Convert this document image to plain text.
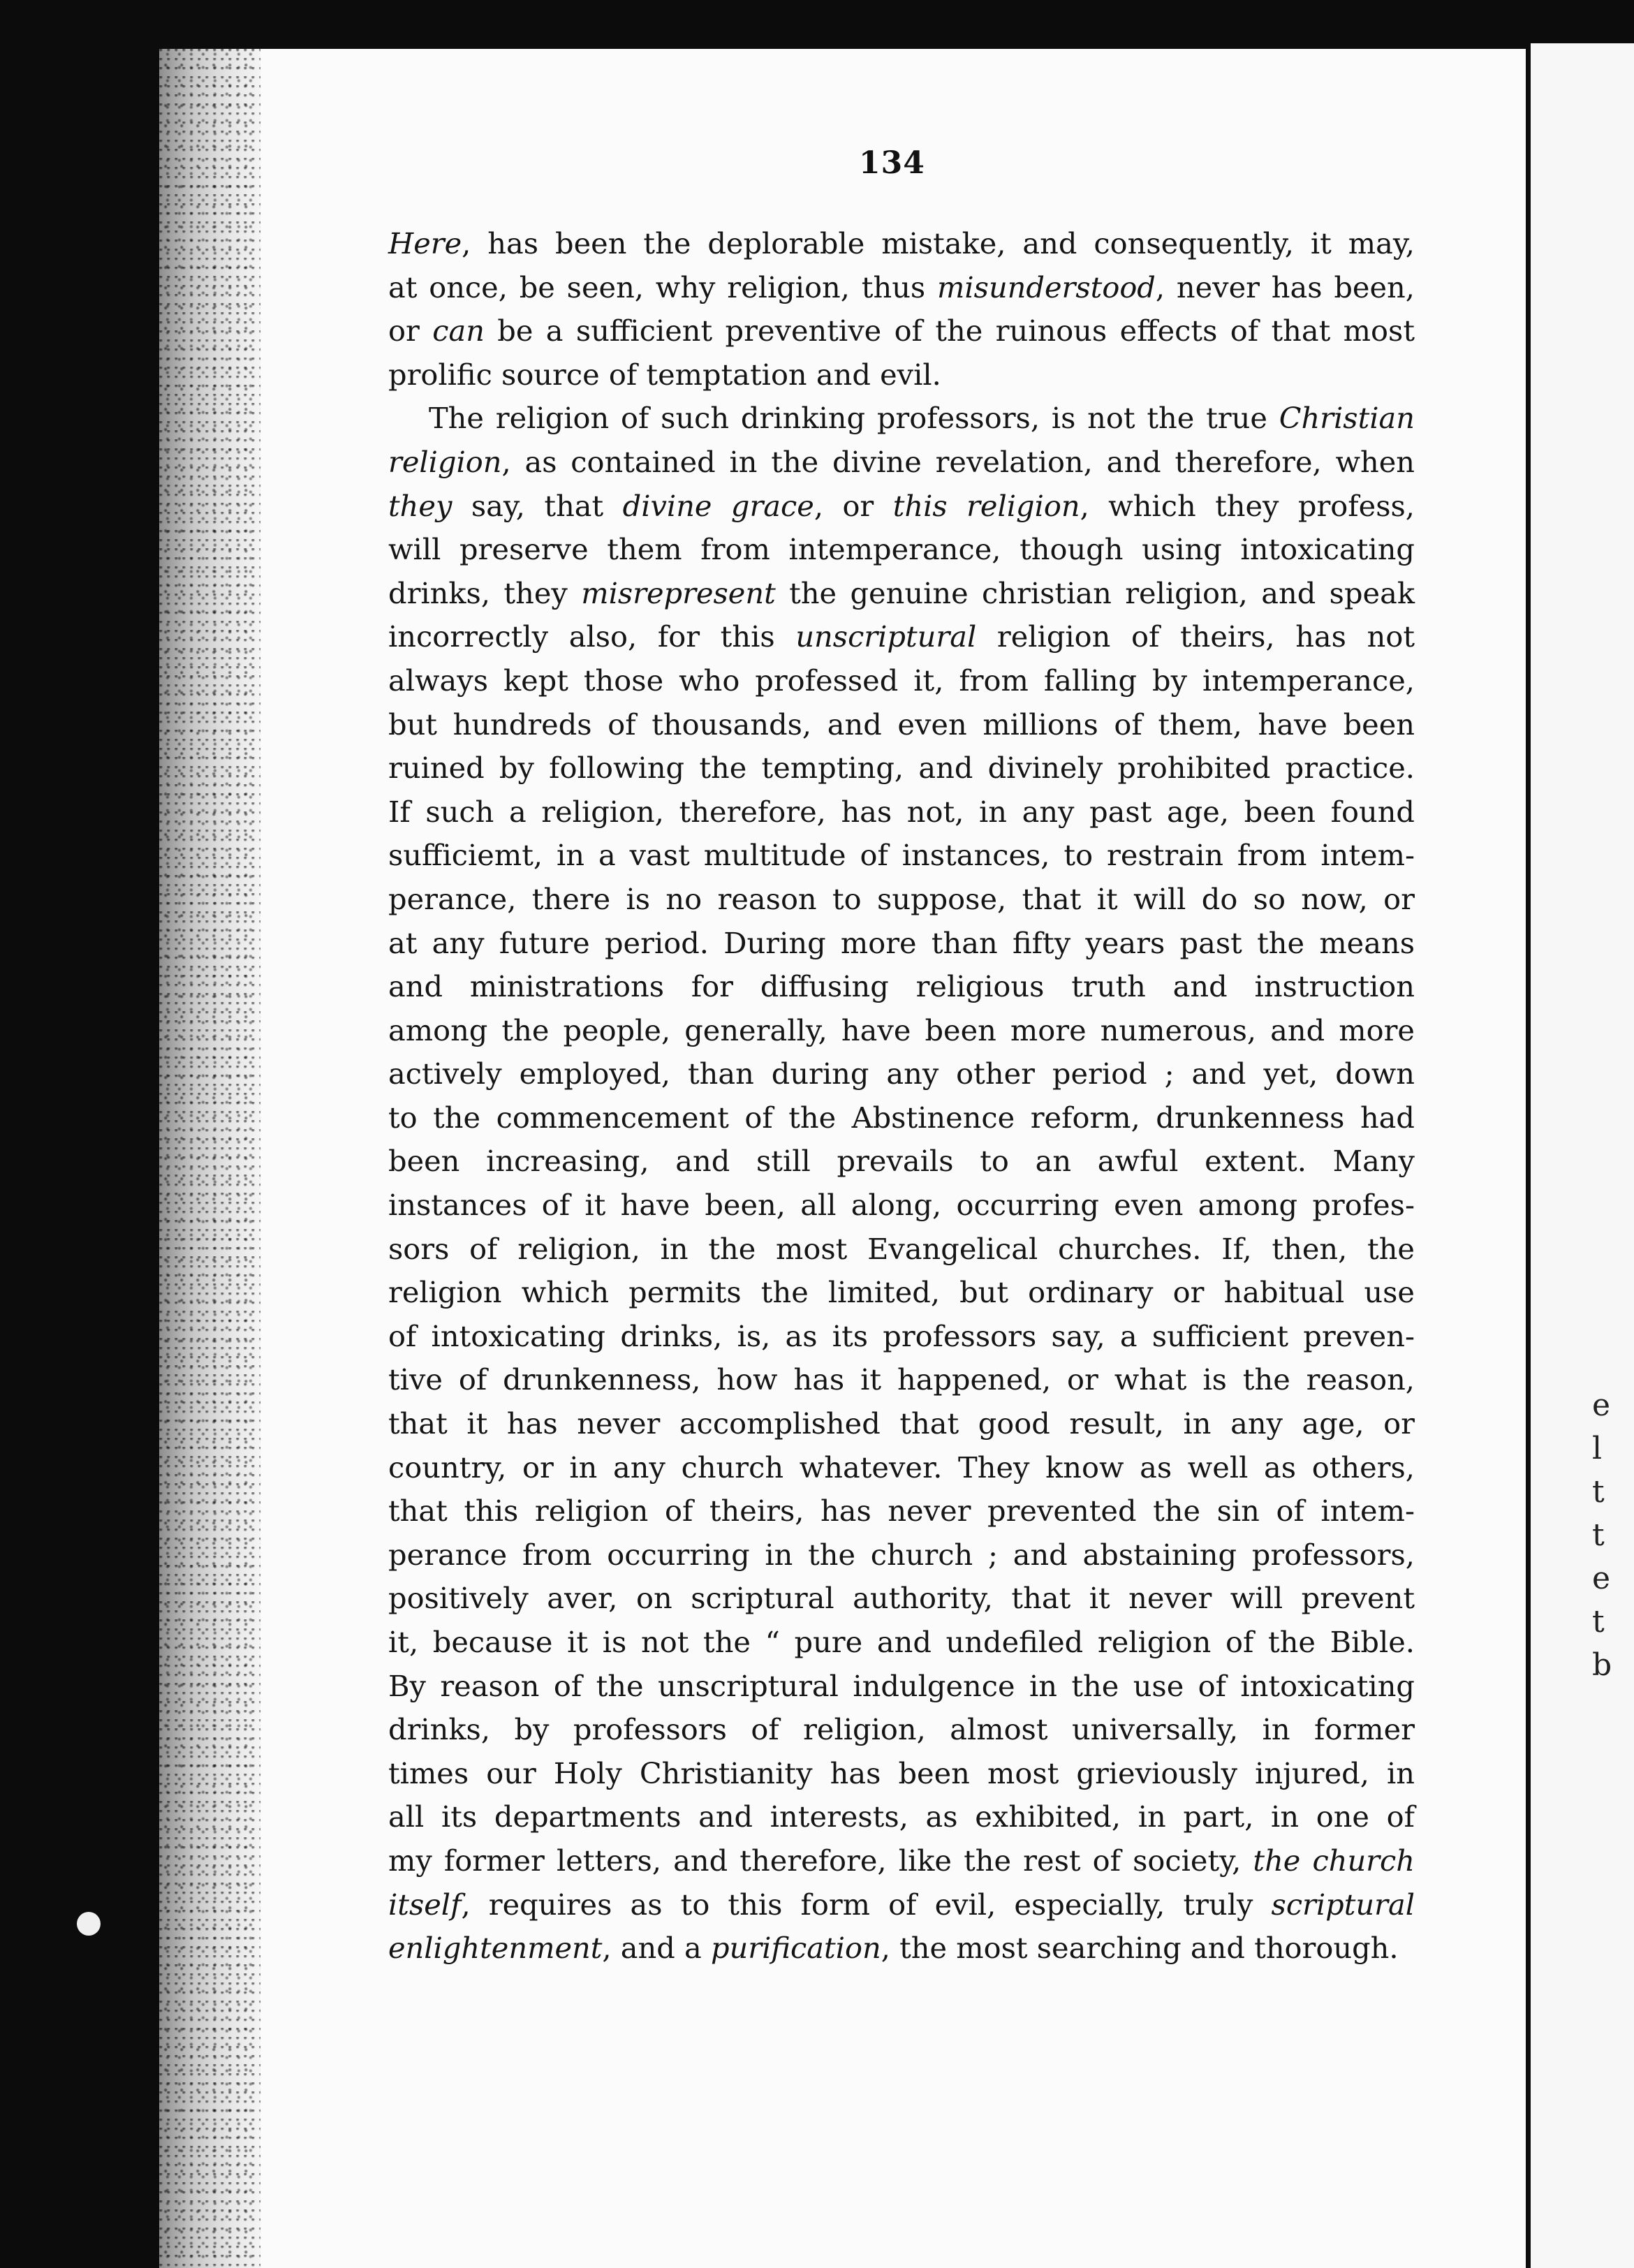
e
l
t
t
e
t
b
134
Here, has been the deplorable mistake, and consequently, it may,
at once, be seen, why religion, thus misunderstood, never has been,
or can be a sufficient preventive of the ruinous effects of that most
prolific source of temptation and evil.
The religion of such drinking professors, is not the true Christian
religion, as contained in the divine revelation, and therefore, when
they say, that divine grace, or this religion, which they profess,
will preserve them from intemperance, though using intoxicating
drinks, they misrepresent the genuine christian religion, and speak
incorrectly also, for this unscriptural religion of theirs, has not
always kept those who professed it, from falling by intemperance,
but hundreds of thousands, and even millions of them, have been
ruined by following the tempting, and divinely prohibited practice.
If such a religion, therefore, has not, in any past age, been found
sufficiemt, in a vast multitude of instances, to restrain from intem-
perance, there is no reason to suppose, that it will do so now, or
at any future period. During more than fifty years past the means
and ministrations for diffusing religious truth and instruction
among the people, generally, have been more numerous, and more
actively employed, than during any other period ; and yet, down
to the commencement of the Abstinence reform, drunkenness had
been increasing, and still prevails to an awful extent. Many
instances of it have been, all along, occurring even among profes-
sors of religion, in the most Evangelical churches. If, then, the
religion which permits the limited, but ordinary or habitual use
of intoxicating drinks, is, as its professors say, a sufficient preven-
tive of drunkenness, how has it happened, or what is the reason,
that it has never accomplished that good result, in any age, or
country, or in any church whatever. They know as well as others,
that this religion of theirs, has never prevented the sin of intem-
perance from occurring in the church ; and abstaining professors,
positively aver, on scriptural authority, that it never will prevent
it, because it is not the “ pure and undefiled religion of the Bible.
By reason of the unscriptural indulgence in the use of intoxicating
drinks, by professors of religion, almost universally, in former
times our Holy Christianity has been most grieviously injured, in
all its departments and interests, as exhibited, in part, in one of
my former letters, and therefore, like the rest of society, the church
itself, requires as to this form of evil, especially, truly scriptural
enlightenment, and a purification, the most searching and thorough.
